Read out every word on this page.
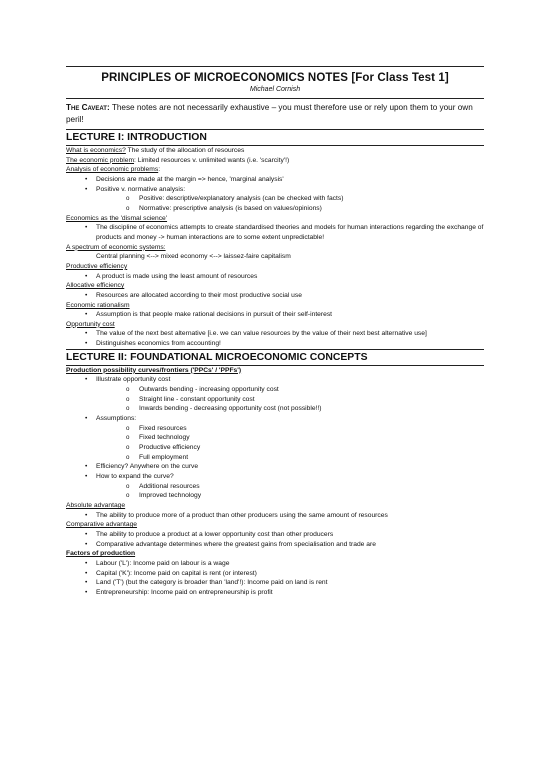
PRINCIPLES OF MICROECONOMICS NOTES [For Class Test 1]
Michael Cornish
The Caveat: These notes are not necessarily exhaustive – you must therefore use or rely upon them to your own peril!
LECTURE I: INTRODUCTION
What is economics? The study of the allocation of resources
The economic problem: Limited resources v. unlimited wants (i.e. 'scarcity'!)
Analysis of economic problems:
• Decisions are made at the margin => hence, 'marginal analysis'
• Positive v. normative analysis:
o Positive: descriptive/explanatory analysis (can be checked with facts)
o Normative: prescriptive analysis (is based on values/opinions)
Economics as the 'dismal science'
• The discipline of economics attempts to create standardised theories and models for human interactions regarding the exchange of products and money -> human interactions are to some extent unpredictable!
A spectrum of economic systems:
Central planning <--> mixed economy <--> laissez-faire capitalism
Productive efficiency
• A product is made using the least amount of resources
Allocative efficiency
• Resources are allocated according to their most productive social use
Economic rationalism
• Assumption is that people make rational decisions in pursuit of their self-interest
Opportunity cost
• The value of the next best alternative [i.e. we can value resources by the value of their next best alternative use]
• Distinguishes economics from accounting!
LECTURE II: FOUNDATIONAL MICROECONOMIC CONCEPTS
Production possibility curves/frontiers ('PPCs' / 'PPFs')
• Illustrate opportunity cost
o Outwards bending - increasing opportunity cost
o Straight line - constant opportunity cost
o Inwards bending - decreasing opportunity cost (not possible!!)
• Assumptions:
o Fixed resources
o Fixed technology
o Productive efficiency
o Full employment
• Efficiency? Anywhere on the curve
• How to expand the curve?
o Additional resources
o Improved technology
Absolute advantage
• The ability to produce more of a product than other producers using the same amount of resources
Comparative advantage
• The ability to produce a product at a lower opportunity cost than other producers
• Comparative advantage determines where the greatest gains from specialisation and trade are
Factors of production
• Labour ('L'): Income paid on labour is a wage
• Capital ('K'): Income paid on capital is rent (or interest)
• Land ('T') (but the category is broader than 'land'!): Income paid on land is rent
• Entrepreneurship: Income paid on entrepreneurship is profit
